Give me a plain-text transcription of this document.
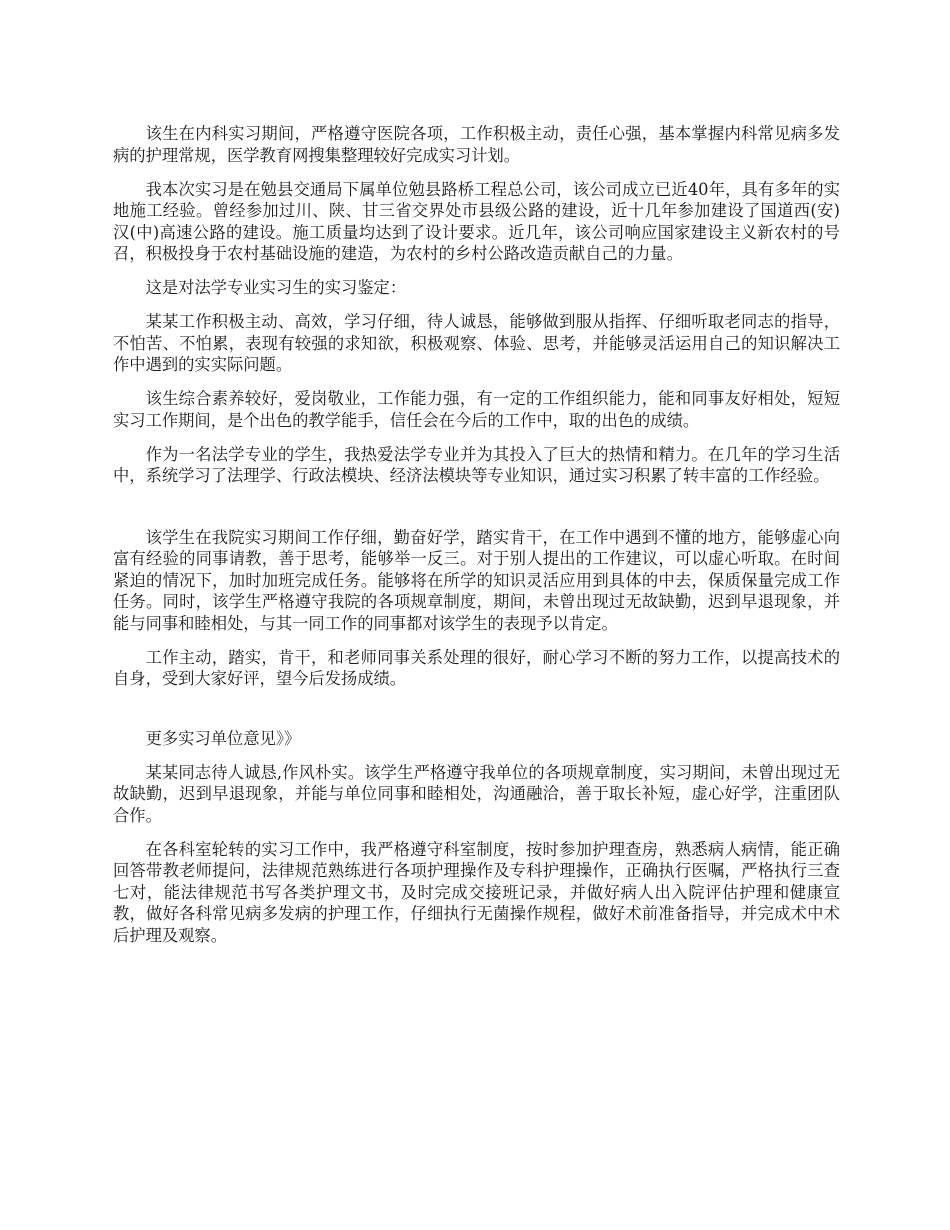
该生在内科实习期间，严格遵守医院各项，工作积极主动，责任心强，基本掌握内科常见病多发病的护理常规，医学教育网搜集整理较好完成实习计划。

我本次实习是在勉县交通局下属单位勉县路桥工程总公司，该公司成立已近40年，具有多年的实地施工经验。曾经参加过川、陕、甘三省交界处市县级公路的建设，近十几年参加建设了国道西(安)汉(中)高速公路的建设。施工质量均达到了设计要求。近几年，该公司响应国家建设主义新农村的号召，积极投身于农村基础设施的建造，为农村的乡村公路改造贡献自己的力量。

这是对法学专业实习生的实习鉴定：

某某工作积极主动、高效，学习仔细，待人诚恳，能够做到服从指挥、仔细听取老同志的指导，不怕苦、不怕累，表现有较强的求知欲，积极观察、体验、思考，并能够灵活运用自己的知识解决工作中遇到的实实际问题。

该生综合素养较好，爱岗敬业，工作能力强，有一定的工作组织能力，能和同事友好相处，短短实习工作期间，是个出色的教学能手，信任会在今后的工作中，取的出色的成绩。

作为一名法学专业的学生，我热爱法学专业并为其投入了巨大的热情和精力。在几年的学习生活中，系统学习了法理学、行政法模块、经济法模块等专业知识，通过实习积累了转丰富的工作经验。

该学生在我院实习期间工作仔细，勤奋好学，踏实肯干，在工作中遇到不懂的地方，能够虚心向富有经验的同事请教，善于思考，能够举一反三。对于别人提出的工作建议，可以虚心听取。在时间紧迫的情况下，加时加班完成任务。能够将在所学的知识灵活应用到具体的中去，保质保量完成工作任务。同时，该学生严格遵守我院的各项规章制度，期间，未曾出现过无故缺勤，迟到早退现象，并能与同事和睦相处，与其一同工作的同事都对该学生的表现予以肯定。

工作主动，踏实，肯干，和老师同事关系处理的很好，耐心学习不断的努力工作，以提高技术的自身，受到大家好评，望今后发扬成绩。

更多实习单位意见》》

某某同志待人诚恳,作风朴实。该学生严格遵守我单位的各项规章制度，实习期间，未曾出现过无故缺勤，迟到早退现象，并能与单位同事和睦相处，沟通融洽，善于取长补短，虚心好学，注重团队合作。

在各科室轮转的实习工作中，我严格遵守科室制度，按时参加护理查房，熟悉病人病情，能正确回答带教老师提问，法律规范熟练进行各项护理操作及专科护理操作，正确执行医嘱，严格执行三查七对，能法律规范书写各类护理文书，及时完成交接班记录，并做好病人出入院评估护理和健康宣教，做好各科常见病多发病的护理工作，仔细执行无菌操作规程，做好术前准备指导，并完成术中术后护理及观察。
